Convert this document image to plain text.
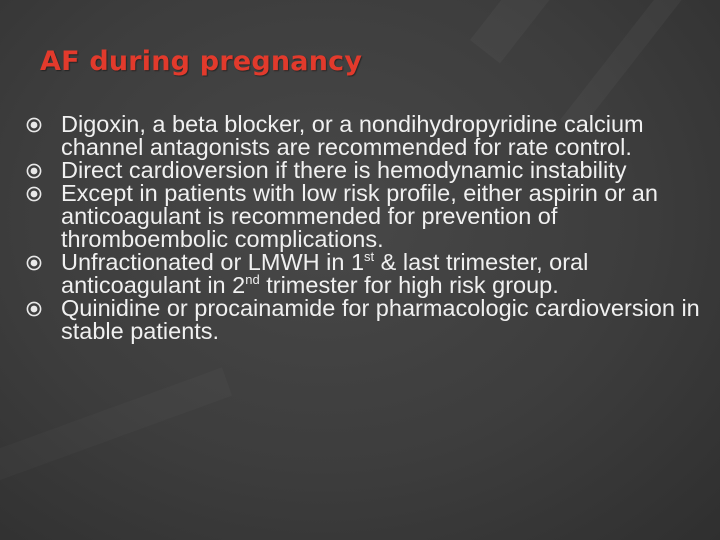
AF during pregnancy
Digoxin, a beta blocker, or a nondihydropyridine calcium channel antagonists are recommended for rate control.
Direct cardioversion if there is hemodynamic instability
Except in patients with low risk profile, either aspirin or an anticoagulant is recommended for prevention of thromboembolic complications.
Unfractionated or LMWH in 1st & last trimester, oral anticoagulant in 2nd trimester for high risk group.
Quinidine or procainamide for pharmacologic cardioversion in stable patients.
